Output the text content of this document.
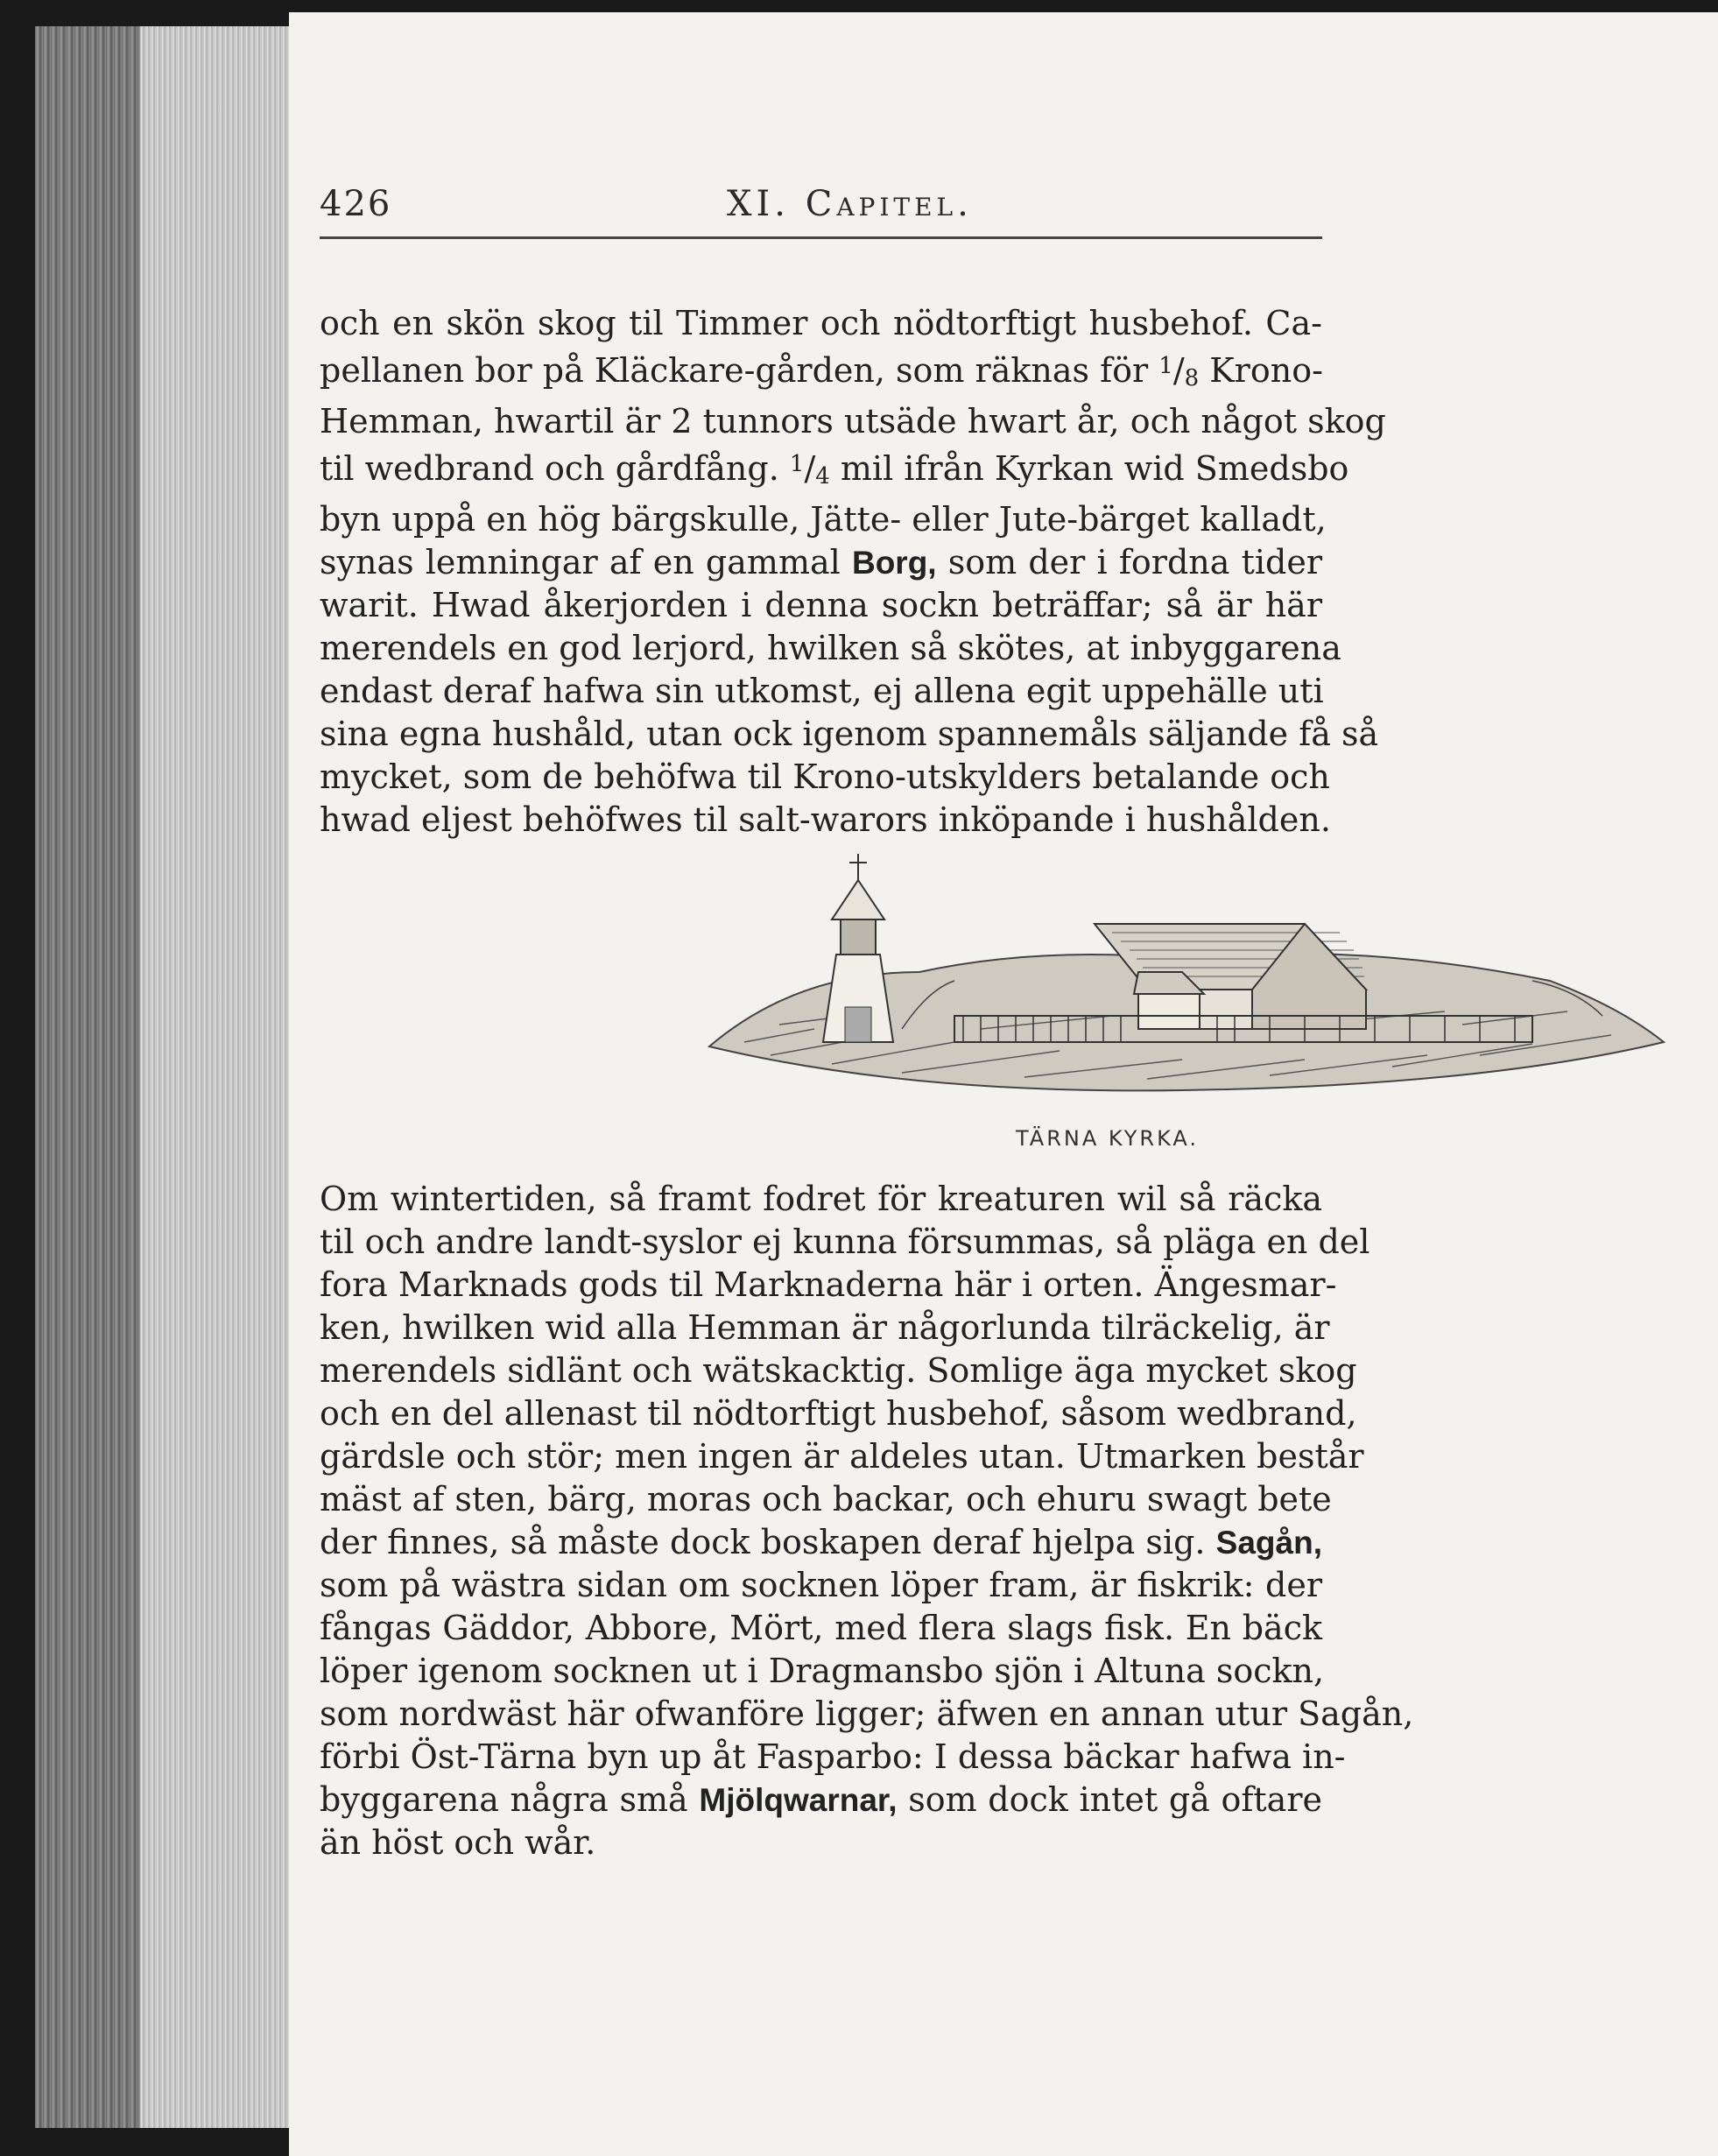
426	XI. Capitel.
och en skön skog til Timmer och nödtorftigt husbehof. Ca-
pellanen bor på Kläckare-gården, som räknas för $^1$/8 Krono-
Hemman, hwartil är 2 tunnors utsäde hwart år, och något skog
til wedbrand och gårdfång. $^1$/4 mil ifrån Kyrkan wid Smedsbo
byn uppå en hög bärgskulle, Jätte- eller Jute-bärget kalladt,
synas lemningar af en gammal Borg, som der i fordna tider
warit. Hwad åkerjorden i denna sockn beträffar; så är här
merendels en god lerjord, hwilken så skötes, at inbyggarena
endast deraf hafwa sin utkomst, ej allena egit uppehälle uti
sina egna hushåld, utan ock igenom spannemåls säljande få så
mycket, som de behöfwa til Krono-utskylders betalande och
hwad eljest behöfwes til salt-warors inköpande i hushålden.
TÄRNA KYRKA.
Om wintertiden, så framt fodret för kreaturen wil så räcka
til och andre landt-syslor ej kunna försummas, så pläga en del
fora Marknads gods til Marknaderna här i orten. Ängesmar-
ken, hwilken wid alla Hemman är någorlunda tilräckelig, är
merendels sidlänt och wätskacktig. Somlige äga mycket skog
och en del allenast til nödtorftigt husbehof, såsom wedbrand,
gärdsle och stör; men ingen är aldeles utan. Utmarken består
mäst af sten, bärg, moras och backar, och ehuru swagt bete
der finnes, så måste dock boskapen deraf hjelpa sig. Sagån,
som på wästra sidan om socknen löper fram, är fiskrik: der
fångas Gäddor, Abbore, Mört, med flera slags fisk. En bäck
löper igenom socknen ut i Dragmansbo sjön i Altuna sockn,
som nordwäst här ofwanföre ligger; äfwen en annan utur Sagån,
förbi Öst-Tärna byn up åt Fasparbo: I dessa bäckar hafwa in-
byggarena några små Mjölqwarnar, som dock intet gå oftare
än höst och wår.
